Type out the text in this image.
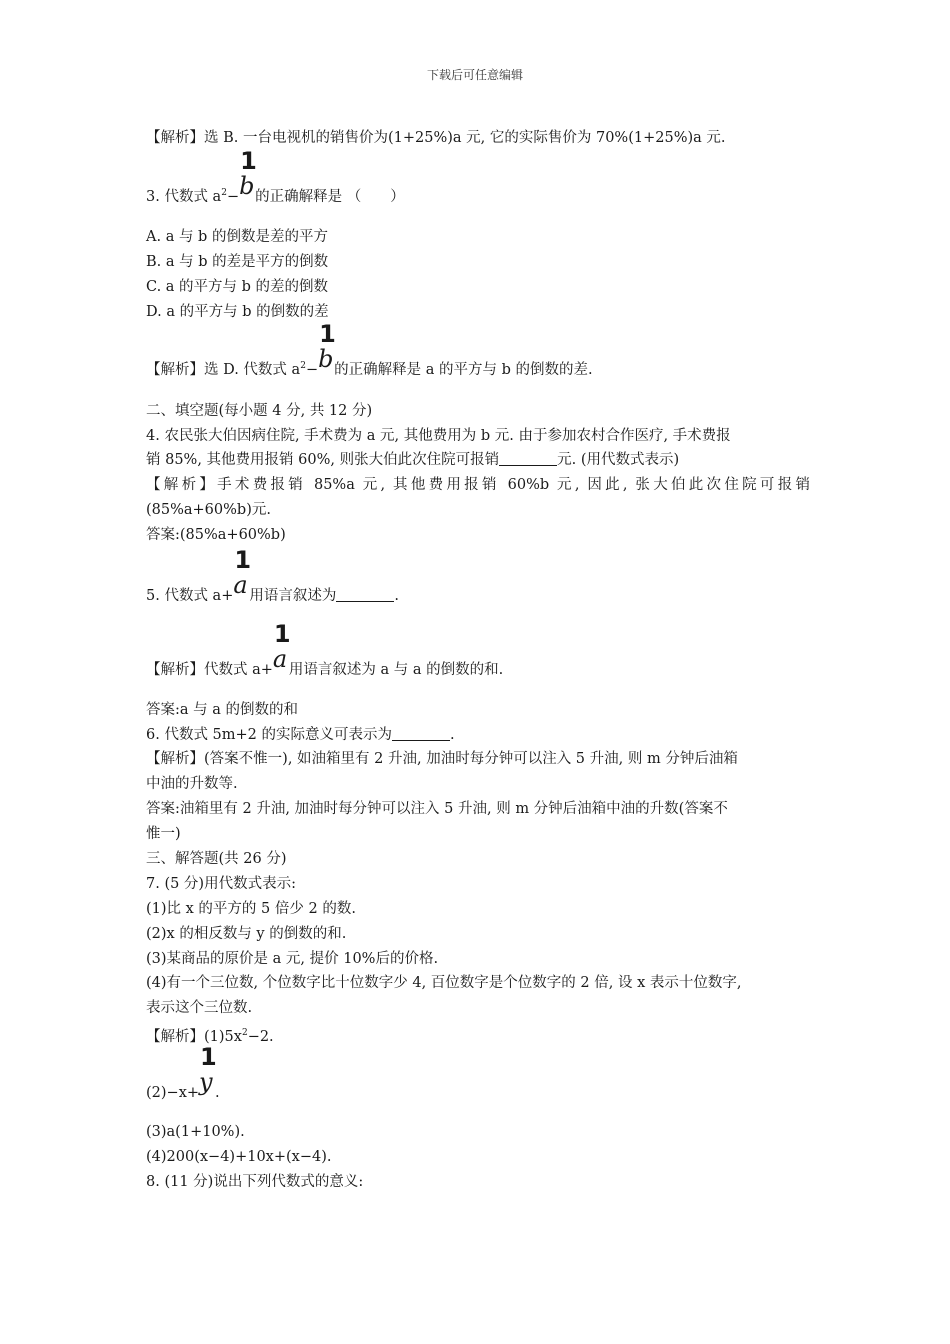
下载后可任意编辑
【解析】选 B. 一台电视机的销售价为(1+25%)a 元, 它的实际售价为 70%(1+25%)a 元.
3. 代数式 $a^2-$
1
b 的正确解释是 （　　）
A. a 与 b 的倒数是差的平方
B. a 与 b 的差是平方的倒数
C. a 的平方与 b 的差的倒数
D. a 的平方与 b 的倒数的差
【解析】选 D. 代数式 $a^2-$
1
b 的正确解释是 a 的平方与 b 的倒数的差.
二、填空题(每小题 4 分, 共 12 分)
4. 农民张大伯因病住院, 手术费为 a 元, 其他费用为 b 元. 由于参加农村合作医疗, 手术费报
销 85%, 其他费用报销 60%, 则张大伯此次住院可报销	元. (用代数式表示)
【解析】手术费报销 85%a 元, 其他费用报销 60%b 元, 因此, 张大伯此次住院可报销
(85%a+60%b)元.
答案:(85%a+60%b)
5. 代数式 a+
1
a 用语言叙述为	.
【解析】代数式 a+
1
a 用语言叙述为 a 与 a 的倒数的和.
答案:a 与 a 的倒数的和
6. 代数式 5m+2 的实际意义可表示为	.
【解析】(答案不惟一), 如油箱里有 2 升油, 加油时每分钟可以注入 5 升油, 则 m 分钟后油箱
中油的升数等.
答案:油箱里有 2 升油, 加油时每分钟可以注入 5 升油, 则 m 分钟后油箱中油的升数(答案不
惟一)
三、解答题(共 26 分)
7. (5 分)用代数式表示:
(1)比 x 的平方的 5 倍少 2 的数.
(2)x 的相反数与 y 的倒数的和.
(3)某商品的原价是 a 元, 提价 10%后的价格.
(4)有一个三位数, 个位数字比十位数字少 4, 百位数字是个位数字的 2 倍, 设 x 表示十位数字,
表示这个三位数.
【解析】$(1)5x^2-2$.
(2)−x+
1
y .
(3)a(1+10%).
(4)200(x−4)+10x+(x−4).
8. (11 分)说出下列代数式的意义:
